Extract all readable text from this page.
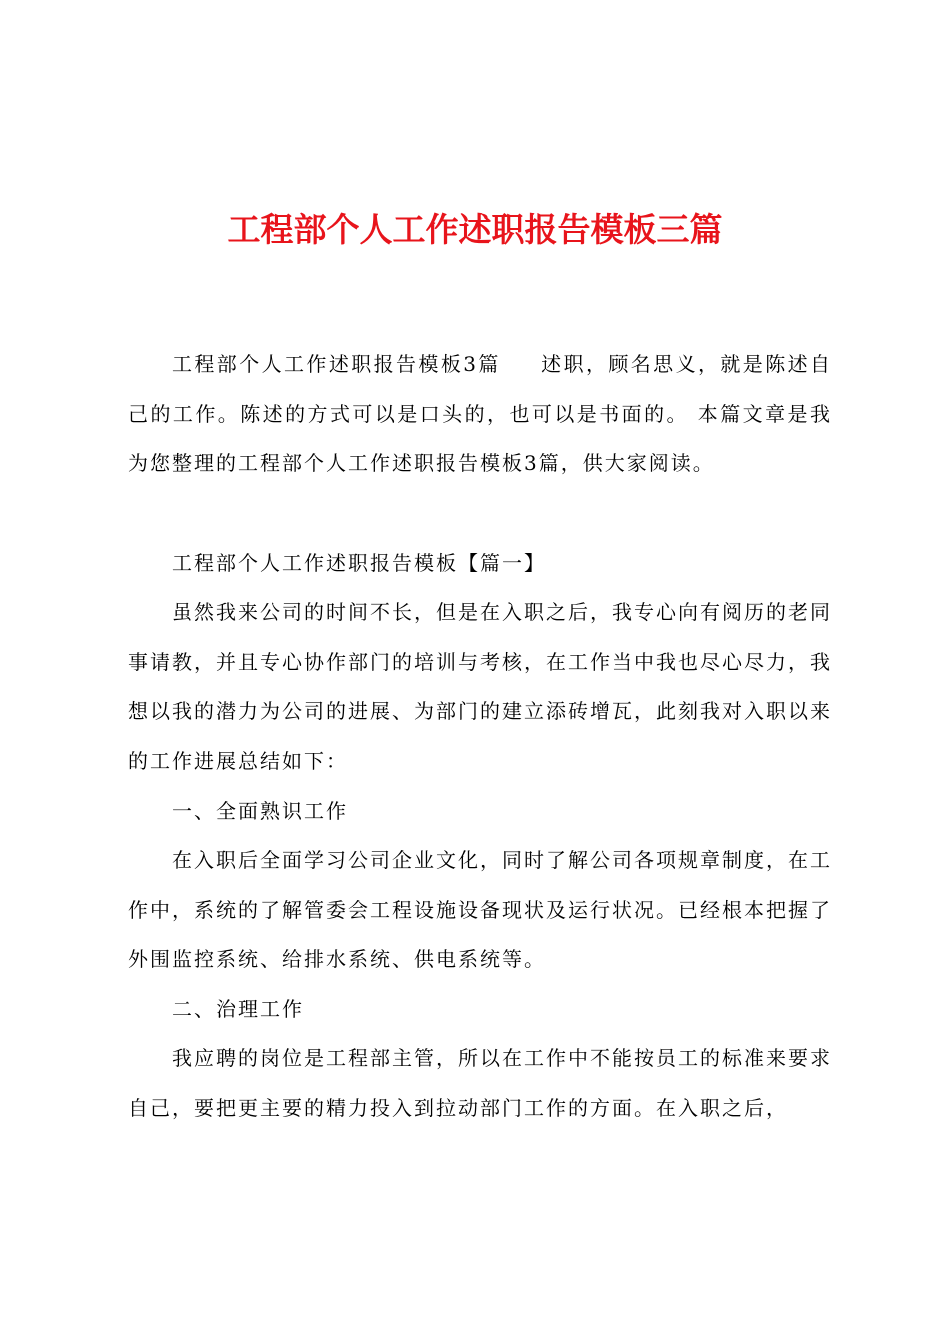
工程部个人工作述职报告模板三篇

工程部个人工作述职报告模板3篇 述职，顾名思义，就是陈述自己的工作。陈述的方式可以是口头的，也可以是书面的。 本篇文章是我为您整理的工程部个人工作述职报告模板3篇，供大家阅读。

工程部个人工作述职报告模板【篇一】

虽然我来公司的时间不长，但是在入职之后，我专心向有阅历的老同事请教，并且专心协作部门的培训与考核，在工作当中我也尽心尽力，我想以我的潜力为公司的进展、为部门的建立添砖增瓦，此刻我对入职以来的工作进展总结如下：

一、全面熟识工作

在入职后全面学习公司企业文化，同时了解公司各项规章制度，在工作中，系统的了解管委会工程设施设备现状及运行状况。已经根本把握了外围监控系统、给排水系统、供电系统等。

二、治理工作

我应聘的岗位是工程部主管，所以在工作中不能按员工的标准来要求自己，要把更主要的精力投入到拉动部门工作的方面。在入职之后，
